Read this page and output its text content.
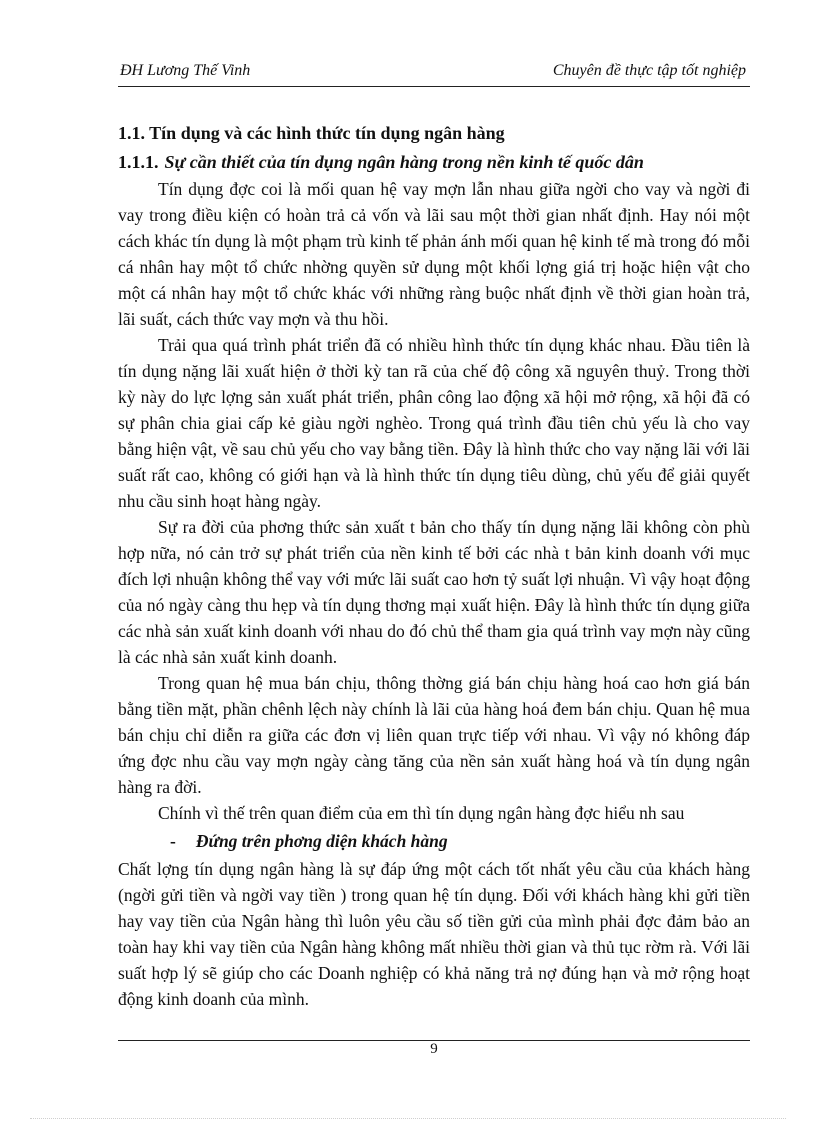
ĐH Lương Thế Vinh	Chuyên đề thực tập tốt nghiệp

1.1. Tín dụng và các hình thức tín dụng ngân hàng

1.1.1. Sự cần thiết của tín dụng ngân hàng trong nền kinh tế quốc dân

Tín dụng đợc coi là mối quan hệ vay mợn lẫn nhau giữa ngời cho vay và ngời đi vay trong điều kiện có hoàn trả cả vốn và lãi sau một thời gian nhất định. Hay nói một cách khác tín dụng là một phạm trù kinh tế phản ánh mối quan hệ kinh tế mà trong đó mỗi cá nhân hay một tổ chức nhờng quyền sử dụng một khối lợng giá trị hoặc hiện vật cho một cá nhân hay một tổ chức khác với những ràng buộc nhất định về thời gian hoàn trả, lãi suất, cách thức vay mợn và thu hồi.

Trải qua quá trình phát triển đã có nhiều hình thức tín dụng khác nhau. Đầu tiên là tín dụng nặng lãi xuất hiện ở thời kỳ tan rã của chế độ công xã nguyên thuỷ. Trong thời kỳ này do lực lợng sản xuất phát triển, phân công lao động xã hội mở rộng, xã hội đã có sự phân chia giai cấp kẻ giàu ngời nghèo. Trong quá trình đầu tiên chủ yếu là cho vay bằng hiện vật, về sau chủ yếu cho vay bằng tiền. Đây là hình thức cho vay nặng lãi với lãi suất rất cao, không có giới hạn và là hình thức tín dụng tiêu dùng, chủ yếu để giải quyết nhu cầu sinh hoạt hàng ngày.

Sự ra đời của phơng thức sản xuất t bản cho thấy tín dụng nặng lãi không còn phù hợp nữa, nó cản trở sự phát triển của nền kinh tế bởi các nhà t bản kinh doanh với mục đích lợi nhuận không thể vay với mức lãi suất cao hơn tỷ suất lợi nhuận. Vì vậy hoạt động của nó ngày càng thu hẹp và tín dụng thơng mại xuất hiện. Đây là hình thức tín dụng giữa các nhà sản xuất kinh doanh với nhau do đó chủ thể tham gia quá trình vay mợn này cũng là các nhà sản xuất kinh doanh.

Trong quan hệ mua bán chịu, thông thờng giá bán chịu hàng hoá cao hơn giá bán bằng tiền mặt, phần chênh lệch này chính là lãi của hàng hoá đem bán chịu. Quan hệ mua bán chịu chỉ diễn ra giữa các đơn vị liên quan trực tiếp với nhau. Vì vậy nó không đáp ứng đợc nhu cầu vay mợn ngày càng tăng của nền sản xuất hàng hoá và tín dụng ngân hàng ra đời.

Chính vì thế trên quan điểm của em thì tín dụng ngân hàng đợc hiểu nh sau

- Đứng trên phơng diện khách hàng

Chất lợng tín dụng ngân hàng là sự đáp ứng một cách tốt nhất yêu cầu của khách hàng (ngời gửi tiền và ngời vay tiền ) trong quan hệ tín dụng. Đối với khách hàng khi gửi tiền hay vay tiền của Ngân hàng thì luôn yêu cầu số tiền gửi của mình phải đợc đảm bảo an toàn hay khi vay tiền của Ngân hàng không mất nhiều thời gian và thủ tục rờm rà. Với lãi suất hợp lý sẽ giúp cho các Doanh nghiệp có khả năng trả nợ đúng hạn và mở rộng hoạt động kinh doanh của mình.

9
